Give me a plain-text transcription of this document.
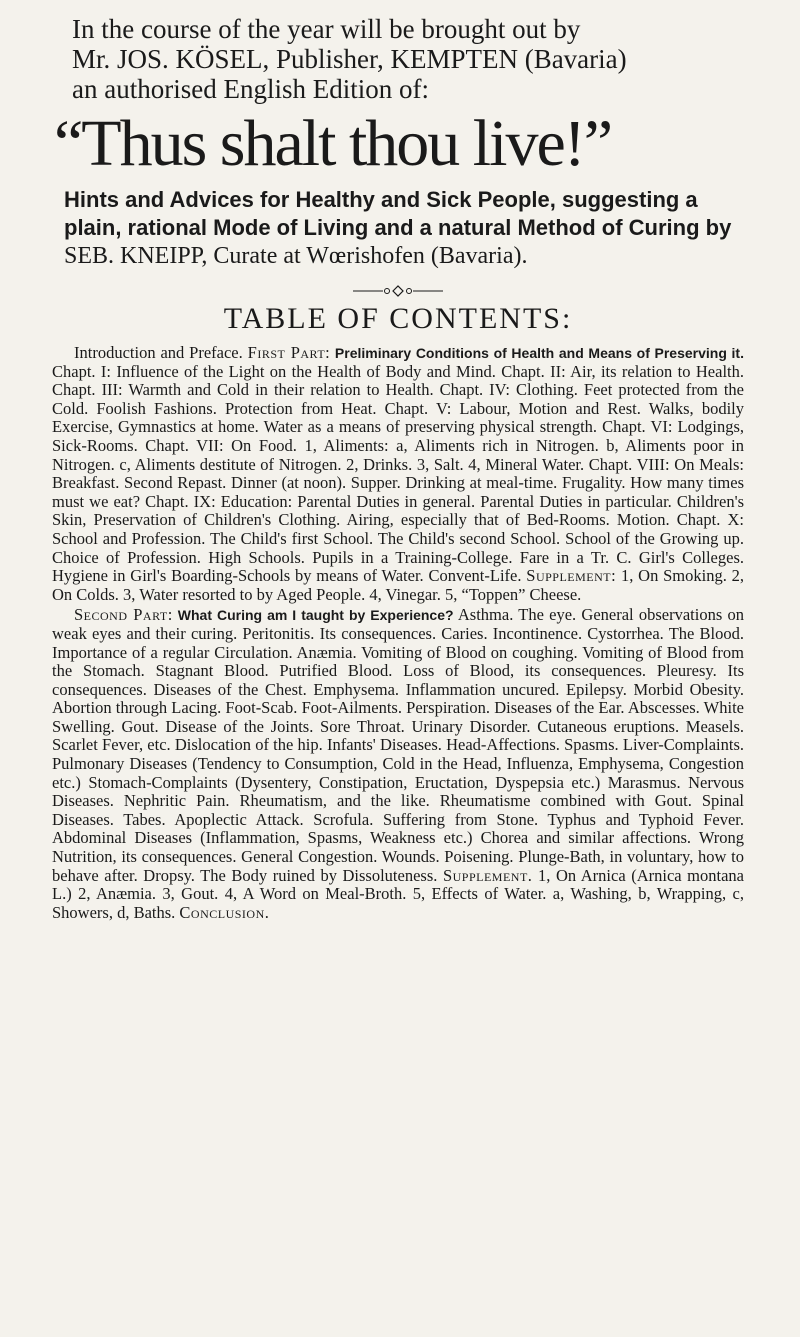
In the course of the year will be brought out by

Mr. JOS. KÖSEL, Publisher, KEMPTEN (Bavaria)

an authorised English Edition of:

“Thus shalt thou live!”

Hints and Advices for Healthy and Sick People, suggesting a plain, rational Mode of Living and a natural Method of Curing by SEB. KNEIPP, Curate at Wœrishofen (Bavaria).

TABLE OF CONTENTS:

Introduction and Preface. First Part: Preliminary Conditions of Health and Means of Preserving it. Chapt. I: Influence of the Light on the Health of Body and Mind. Chapt. II: Air, its relation to Health. Chapt. III: Warmth and Cold in their relation to Health. Chapt. IV: Clothing. Feet protected from the Cold. Foolish Fashions. Protection from Heat. Chapt. V: Labour, Motion and Rest. Walks, bodily Exercise, Gymnastics at home. Water as a means of preserving physical strength. Chapt. VI: Lodgings, Sick-Rooms. Chapt. VII: On Food. 1, Aliments: a, Aliments rich in Nitrogen. b, Aliments poor in Nitrogen. c, Aliments destitute of Nitrogen. 2, Drinks. 3, Salt. 4, Mineral Water. Chapt. VIII: On Meals: Breakfast. Second Repast. Dinner (at noon). Supper. Drinking at meal-time. Frugality. How many times must we eat? Chapt. IX: Education: Parental Duties in general. Parental Duties in particular. Children's Skin, Preservation of Children's Clothing. Airing, especially that of Bed-Rooms. Motion. Chapt. X: School and Profession. The Child's first School. The Child's second School. School of the Growing up. Choice of Profession. High Schools. Pupils in a Training-College. Fare in a Tr. C. Girl's Colleges. Hygiene in Girl's Boarding-Schools by means of Water. Convent-Life. Supplement: 1, On Smoking. 2, On Colds. 3, Water resorted to by Aged People. 4, Vinegar. 5, “Toppen” Cheese.

Second Part: What Curing am I taught by Experience? Asthma. The eye. General observations on weak eyes and their curing. Peritonitis. Its consequences. Caries. Incontinence. Cystorrhea. The Blood. Importance of a regular Circulation. Anæmia. Vomiting of Blood on coughing. Vomiting of Blood from the Stomach. Stagnant Blood. Putrified Blood. Loss of Blood, its consequences. Pleuresy. Its consequences. Diseases of the Chest. Emphysema. Inflammation uncured. Epilepsy. Morbid Obesity. Abortion through Lacing. Foot-Scab. Foot-Ailments. Perspiration. Diseases of the Ear. Abscesses. White Swelling. Gout. Disease of the Joints. Sore Throat. Urinary Disorder. Cutaneous eruptions. Measels. Scarlet Fever, etc. Dislocation of the hip. Infants' Diseases. Head-Affections. Spasms. Liver-Complaints. Pulmonary Diseases (Tendency to Consumption, Cold in the Head, Influenza, Emphysema, Congestion etc.) Stomach-Complaints (Dysentery, Constipation, Eructation, Dyspepsia etc.) Marasmus. Nervous Diseases. Nephritic Pain. Rheumatism, and the like. Rheumatisme combined with Gout. Spinal Diseases. Tabes. Apoplectic Attack. Scrofula. Suffering from Stone. Typhus and Typhoid Fever. Abdominal Diseases (Inflammation, Spasms, Weakness etc.) Chorea and similar affections. Wrong Nutrition, its consequences. General Congestion. Wounds. Poisening. Plunge-Bath, in voluntary, how to behave after. Dropsy. The Body ruined by Dissoluteness. Supplement. 1, On Arnica (Arnica montana L.) 2, Anæmia. 3, Gout. 4, A Word on Meal-Broth. 5, Effects of Water. a, Washing, b, Wrapping, c, Showers, d, Baths. Conclusion.
